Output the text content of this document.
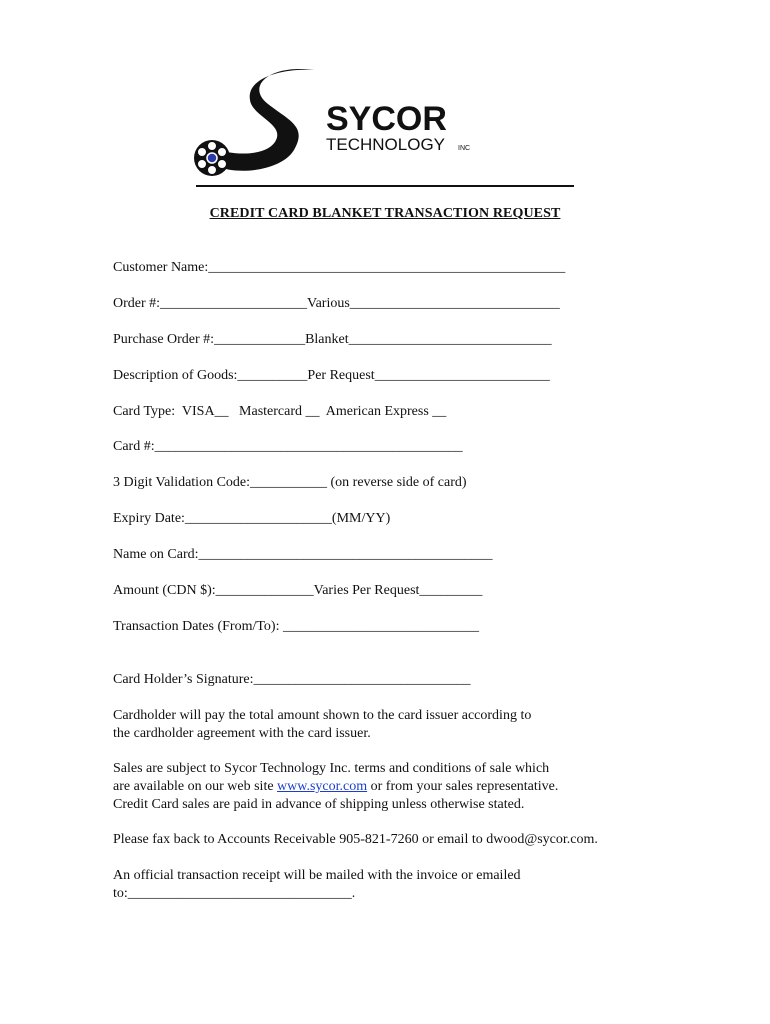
SYCOR
TECHNOLOGY INC
CREDIT CARD BLANKET TRANSACTION REQUEST
Customer Name:___________________________________________________
Order #:_____________________Various______________________________
Purchase Order #:_____________Blanket_____________________________
Description of Goods:__________Per Request_________________________
Card Type:  VISA__   Mastercard __  American Express __
Card #:____________________________________________
3 Digit Validation Code:___________ (on reverse side of card)
Expiry Date:_____________________(MM/YY)
Name on Card:__________________________________________
Amount (CDN $):______________Varies Per Request_________
Transaction Dates (From/To): ____________________________
Card Holder’s Signature:_______________________________
Cardholder will pay the total amount shown to the card issuer according to
the cardholder agreement with the card issuer.
Sales are subject to Sycor Technology Inc. terms and conditions of sale which
are available on our web site www.sycor.com or from your sales representative.
Credit Card sales are paid in advance of shipping unless otherwise stated.
Please fax back to Accounts Receivable 905-821-7260 or email to dwood@sycor.com.
An official transaction receipt will be mailed with the invoice or emailed
to:________________________________.
